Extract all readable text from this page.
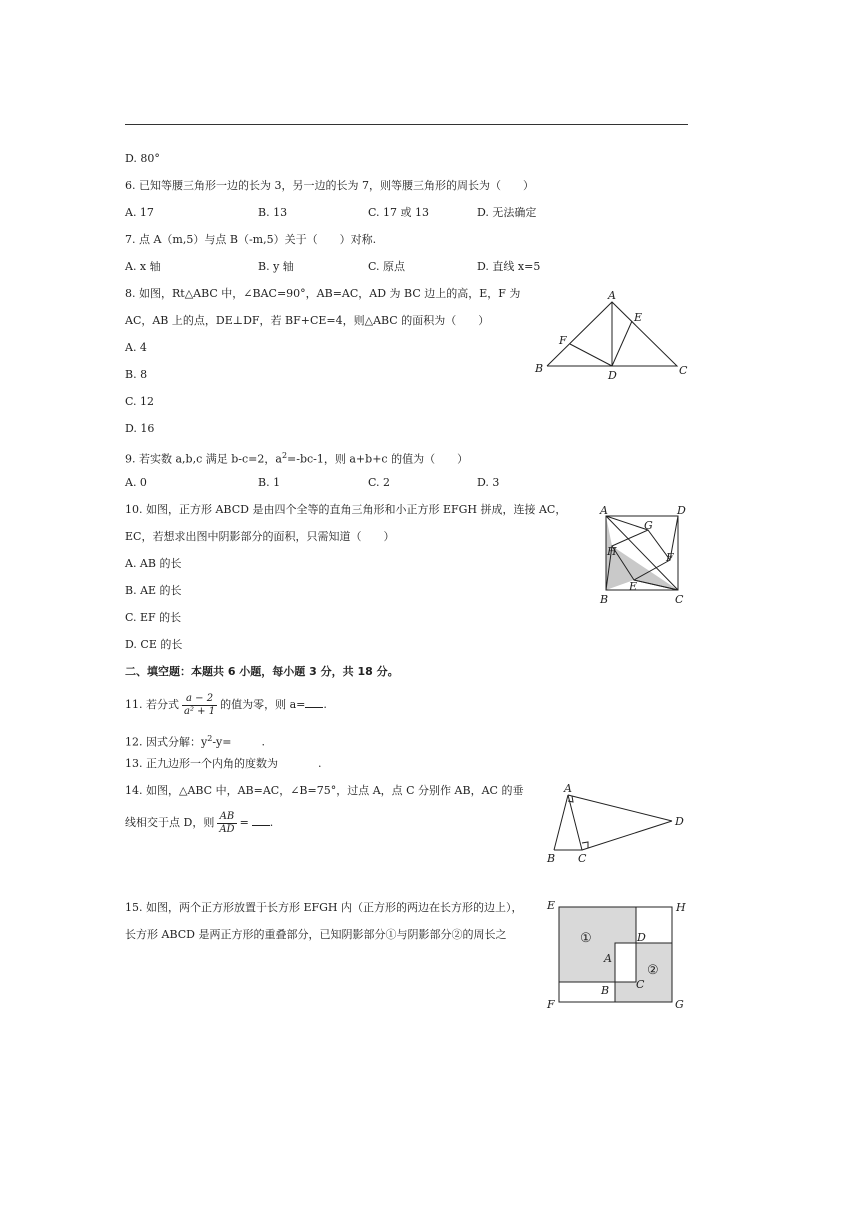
D. 80°
6. 已知等腰三角形一边的长为 3，另一边的长为 7，则等腰三角形的周长为（　　）
A. 17	B. 13	C. 17 或 13	D. 无法确定
7. 点 A（m,5）与点 B（-m,5）关于（　　）对称.
A. x 轴	B. y 轴	C. 原点	D. 直线 x=5
8. 如图，Rt△ABC 中，∠BAC=90°，AB=AC，AD 为 BC 边上的高，E，F 为
AC，AB 上的点，DE⊥DF，若 BF+CE=4，则△ABC 的面积为（　　）
A. 4
B. 8
C. 12
D. 16
A
B	C
D
E
F
9. 若实数 a,b,c 满足 b-c=2，$a^2=-bc-1$，则 a+b+c 的值为（　　）
A. 0	B. 1	C. 2	D. 3
10. 如图，正方形 ABCD 是由四个全等的直角三角形和小正方形 EFGH 拼成，连接 AC，
EC，若想求出图中阴影部分的面积，只需知道（　　）
A. AB 的长
B. AE 的长
C. EF 的长
D. CE 的长
A	D
B	C
G
H	F
E
二、填空题：本题共 6 小题，每小题 3 分，共 18 分。
11. 若分式 $\frac{a - 2}{\text{a² + 1}}$ 的值为零，则 a= .
12. 因式分解：$y^2-y=$	.
13. 正九边形一个内角的度数为	.
14. 如图，△ABC 中，AB=AC，∠B=75°，过点 A，点 C 分别作 AB，AC 的垂
线相交于点 D，则 $\frac{AB}{AD}$ = .
A
B C
D
15. 如图，两个正方形放置于长方形 EFGH 内（正方形的两边在长方形的边上），
长方形 ABCD 是两正方形的重叠部分，已知阴影部分①与阴影部分②的周长之
E	H
F	G
A
B C
D
①
②
